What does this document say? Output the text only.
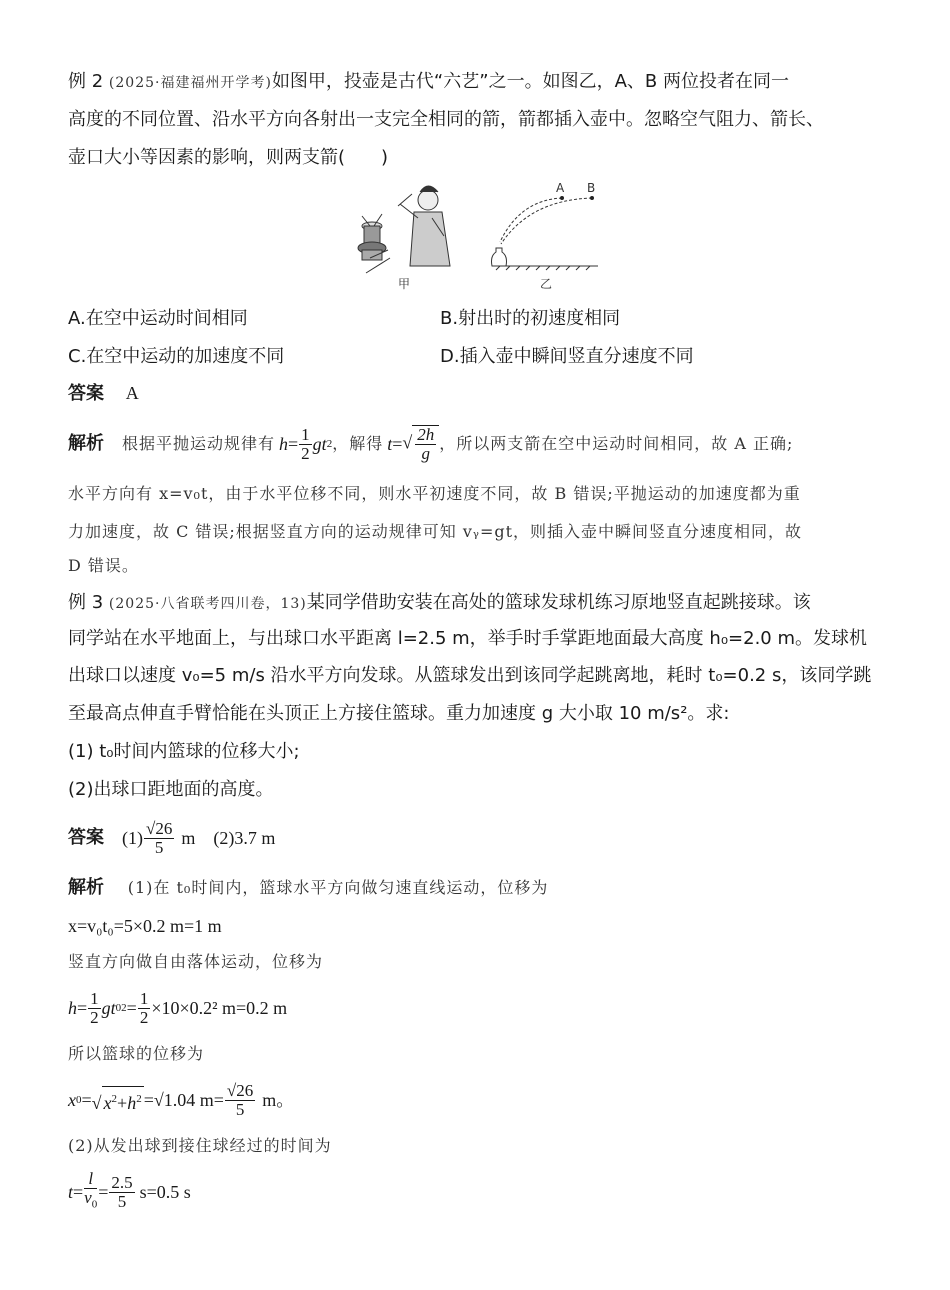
例 2 (2025·福建福州开学考)如图甲，投壶是古代“六艺”之一。如图乙，A、B 两位投者在同一
高度的不同位置、沿水平方向各射出一支完全相同的箭，箭都插入壶中。忽略空气阻力、箭长、
壶口大小等因素的影响，则两支箭(　　)
甲
A B
乙
A.在空中运动时间相同	B.射出时的初速度相同
C.在空中运动的加速度不同	D.插入壶中瞬间竖直分速度不同
答案 A
解析 根据平抛运动规律有 $h = \frac{1}{2}$ gt 2 ，解得 t = √ $\frac{2h}{g}$ ，所以两支箭在空中运动时间相同，故 A 正确;
水平方向有 x=v₀t，由于水平位移不同，则水平初速度不同，故 B 错误;平抛运动的加速度都为重
力加速度，故 C 错误;根据竖直方向的运动规律可知 vᵧ=gt，则插入壶中瞬间竖直分速度相同，故
D 错误。
例 3 (2025·八省联考四川卷，13)某同学借助安装在高处的篮球发球机练习原地竖直起跳接球。该
同学站在水平地面上，与出球口水平距离 l=2.5 m，举手时手掌距地面最大高度 h₀=2.0 m。发球机
出球口以速度 v₀=5 m/s 沿水平方向发球。从篮球发出到该同学起跳离地，耗时 t₀=0.2 s，该同学跳
至最高点伸直手臂恰能在头顶正上方接住篮球。重力加速度 g 大小取 10 m/s²。求:
(1) t₀时间内篮球的位移大小;
(2)出球口距地面的高度。
答案 $(1) \frac{√26}{5}$ m (2)3.7 m
解析 (1)在 t₀时间内，篮球水平方向做匀速直线运动，位移为
x=v₀t₀=5×0.2 m=1 m
竖直方向做自由落体运动，位移为
$h = \frac{1}{2}$ gt 0 $2 = \frac{1}{2} \times 10\times 0.2^2$ m=0.2 m
所以篮球的位移为
x 0 = √ $x^2+h^2 = √1.04$ $m= \frac{√26}{5}$ m。
(2)从发出球到接住球经过的时间为
$t = \frac{l}{v_0} = \frac{2.5}{5} s=0.5$ s
